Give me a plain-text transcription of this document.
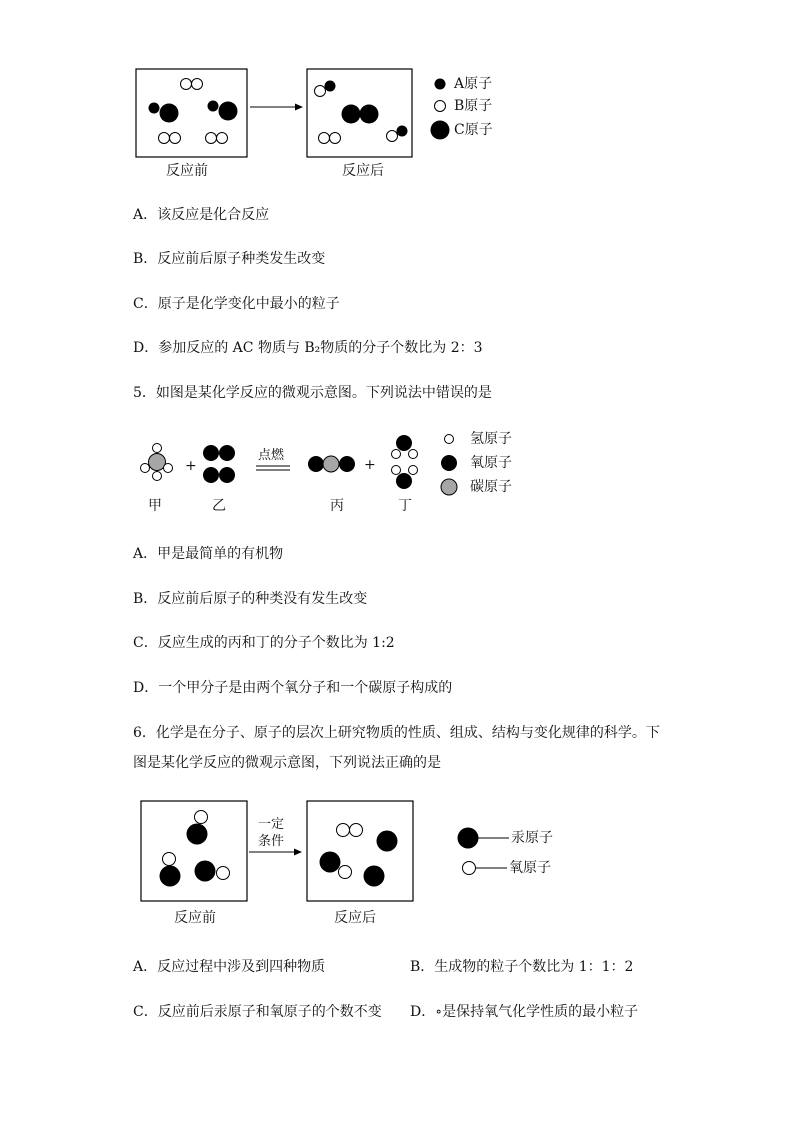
A原子
B原子
C原子
反应前	反应后
A．该反应是化合反应
B．反应前后原子种类发生改变
C．原子是化学变化中最小的粒子
D．参加反应的 AC 物质与 B₂物质的分子个数比为 2：3
5．如图是某化学反应的微观示意图。下列说法中错误的是
+	+
点燃
甲	乙	丙	丁
氢原子
氧原子
碳原子
A．甲是最简单的有机物
B．反应前后原子的种类没有发生改变
C．反应生成的丙和丁的分子个数比为 1:2
D．一个甲分子是由两个氧分子和一个碳原子构成的
6．化学是在分子、原子的层次上研究物质的性质、组成、结构与变化规律的科学。下
图是某化学反应的微观示意图，下列说法正确的是
一定
条件	汞原子
氧原子
反应前	反应后
A．反应过程中涉及到四种物质	B．生成物的粒子个数比为 1：1：2
C．反应前后汞原子和氧原子的个数不变 D．∘是保持氧气化学性质的最小粒子
